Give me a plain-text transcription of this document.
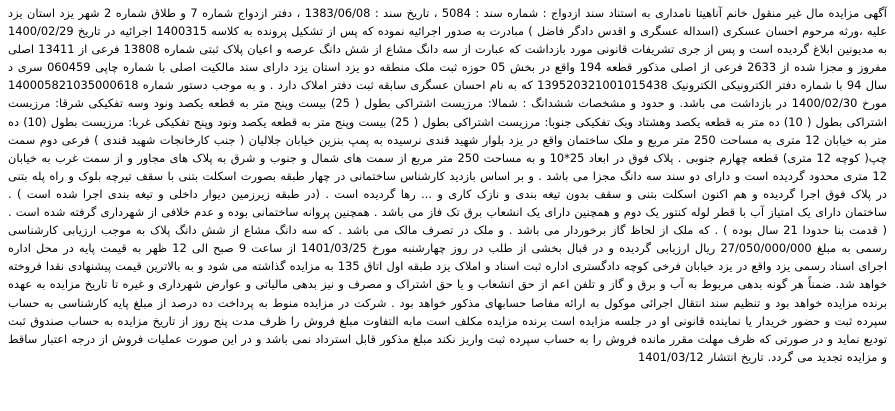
آگهی مزایده مال غیر منقول خانم آناهیتا نامداری به استناد سند ازدواج : شماره سند : 5084 ، تاریخ سند : 1383/06/08 ، دفتر ازدواج شماره 7 و طلاق شماره 2 شهر یزد استان یزد علیه ،ورثه مرحوم احسان عسکری (اسداله عسگری و اقدس دادگر فاضل ) مبادرت به صدور اجرائیه نموده که پس از تشکیل پرونده به کلاسه 1400315 اجرائیه در تاریخ 1400/02/29 به مدیونین ابلاغ گردیده است و پس از جری تشریفات قانونی مورد بازداشت که عبارت از سه دانگ مشاع از شش دانگ عرصه و اعیان پلاک ثبتی شماره 13808 فرعی از 13411 اصلی مفروز و مجزا شده از 2633 فرعی از اصلی مذکور قطعه 194 واقع در بخش 05 حوزه ثبت ملک منطقه دو یزد استان یزد دارای سند مالکیت اصلی با شماره چاپی 060459 سری د سال 94 با شماره دفتر الکترونیکی الکترونیک 139520321001015438 که به نام احسان عسگری سابقه ثبت دفتر املاک دارد . و به موجب دستور شماره 140005821035000618 مورخ 1400/02/30 در بازداشت می باشد. و حدود و مشخصات ششدانگ : شمالا: مرزیست اشتراکی بطول ( 25) بیست وپنج متر به قطعه یکصد ونود وسه تفکیکی شرقا: مرزیست اشتراکی بطول ( 10) ده متر به قطعه یکصد وهشتاد ویک تفکیکی جنوبا: مرزیست اشتراکی بطول ( 25) بیست وپنج متر به قطعه یکصد ونود وپنج تفکیکی غربا: مرزیست بطول (10) ده متر به خیابان 12 متری به مساحت 250 متر مربع و ملک ساختمان واقع در یزد بلوار شهید قندی نرسیده به پمپ بنزین خیابان جلالیان ( جنب کارخانجات شهید قندی ) فرعی دوم سمت چپ( کوچه 12 متری) قطعه چهارم جنوبی . پلاک فوق در ابعاد 25*10 و به مساحت 250 متر مربع از سمت های شمال و جنوب و شرق به پلاک های مجاور و از سمت غرب به خیابان 12 متری محدود گردیده است و دارای دو سند سه دانگ مجزا می باشد . و بر اساس بازدید کارشناس ساختمانی در چهار طبقه بصورت اسکلت بتنی با سقف تیرچه بلوک و راه پله بتنی در پلاک فوق اجرا گردیده و هم اکنون اسکلت بتنی و سقف بدون تیغه بندی و نازک کاری و ... رها گردیده است . (در طبقه زیرزمین دیوار داخلی و تیغه بندی اجرا شده است ) . ساختمان دارای یک امتیاز آب با قطر لوله کنتور یک دوم و همچنین دارای یک انشعاب برق تک فاز می باشد . همچنین پروانه ساختمانی بوده و عدم خلافی از شهرداری گرفته شده است . ( قدمت بنا حدودا 21 سال بوده ) . که ملک از لحاظ گاز برخوردار می باشد . و ملک در تصرف مالک می باشد . که سه دانگ مشاع از شش دانگ پلاک به موجب ارزیابی کارشناسی رسمی به مبلغ 27/050/000/000 ریال ارزیابی گردیده و در قبال بخشی از طلب در روز چهارشنبه مورخ 1401/03/25 از ساعت 9 صبح الی 12 ظهر به قیمت پایه در محل اداره اجرای اسناد رسمی یزد واقع در یزد خیابان فرخی کوچه دادگستری اداره ثبت اسناد و املاک یزد طبقه اول اتاق 135 به مزایده گذاشته می شود و به بالاترین قیمت پیشنهادی نقدا فروخته خواهد شد. ضمناً هر گونه بدهی مربوط به آب و برق و گاز و تلفن اعم از حق انشعاب و یا حق اشتراک و مصرف و نیز بدهی مالیاتی و عوارض شهرداری و غیره تا تاریخ مزایده به عهده برنده مزایده خواهد بود و تنظیم سند انتقال اجرائی موکول به ارائه مفاصا حسابهای مذکور خواهد بود . شرکت در مزایده منوط به پرداخت ده درصد از مبلغ پایه کارشناسی به حساب سپرده ثبت و حضور خریدار یا نماینده قانونی او در جلسه مزایده است برنده مزایده مکلف است مابه التفاوت مبلغ فروش را ظرف مدت پنج روز از تاریخ مزایده به حساب صندوق ثبت تودیع نماید و در صورتی که ظرف مهلت مقرر مانده فروش را به حساب سپرده ثبت واریز نکند مبلغ مذکور قابل استرداد نمی باشد و در این صورت عملیات فروش از درجه اعتبار ساقط و مزایده تجدید می گردد. تاریخ انتشار 1401/03/12
